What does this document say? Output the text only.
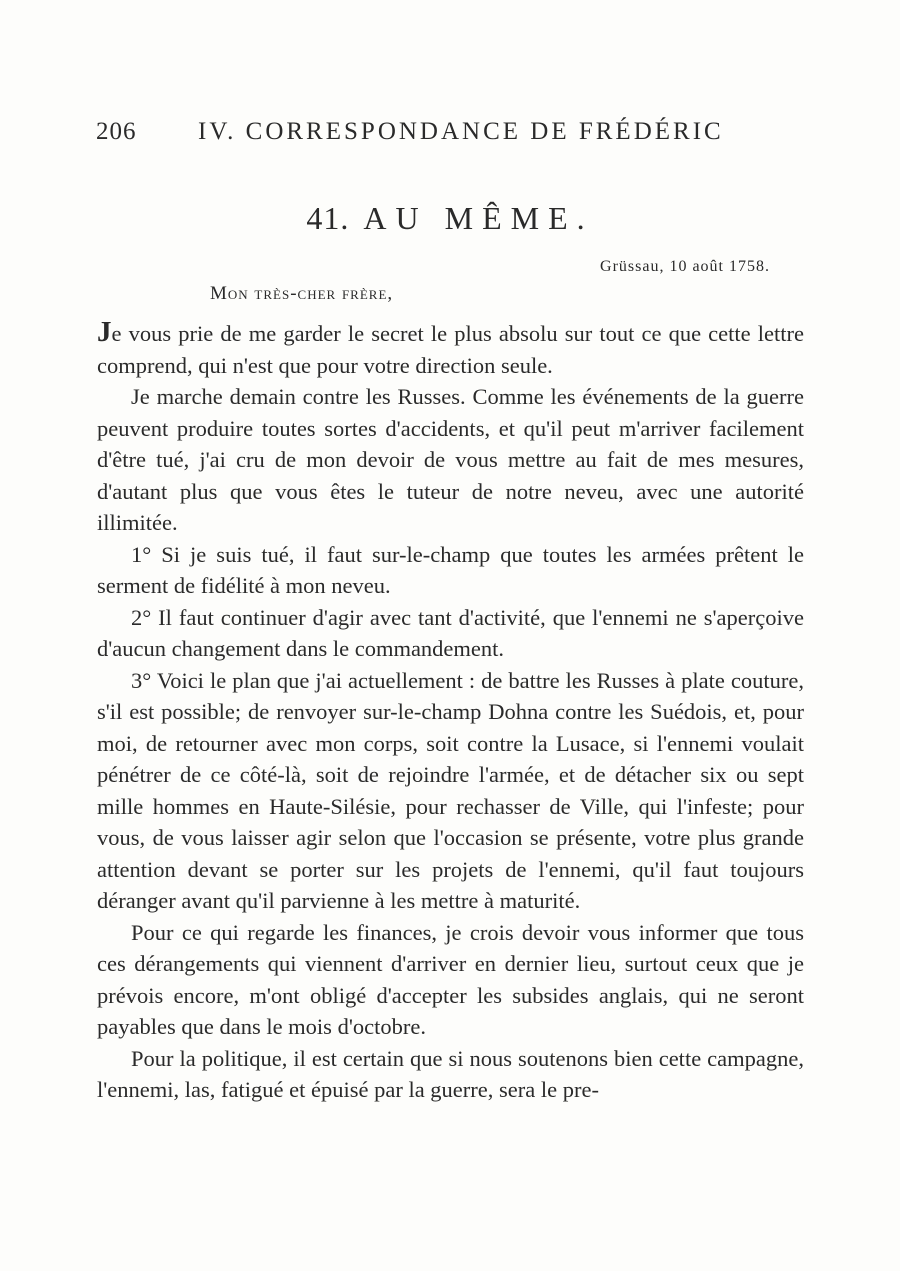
206 IV. CORRESPONDANCE DE FRÉDÉRIC
41. AU MÊME.
Grüssau, 10 août 1758.
Mon très-cher frère,

Je vous prie de me garder le secret le plus absolu sur tout ce que cette lettre comprend, qui n'est que pour votre direction seule.

Je marche demain contre les Russes. Comme les événements de la guerre peuvent produire toutes sortes d'accidents, et qu'il peut m'arriver facilement d'être tué, j'ai cru de mon devoir de vous mettre au fait de mes mesures, d'autant plus que vous êtes le tuteur de notre neveu, avec une autorité illimitée.

1° Si je suis tué, il faut sur-le-champ que toutes les armées prêtent le serment de fidélité à mon neveu.

2° Il faut continuer d'agir avec tant d'activité, que l'ennemi ne s'aperçoive d'aucun changement dans le commandement.

3° Voici le plan que j'ai actuellement : de battre les Russes à plate couture, s'il est possible; de renvoyer sur-le-champ Dohna contre les Suédois, et, pour moi, de retourner avec mon corps, soit contre la Lusace, si l'ennemi voulait pénétrer de ce côté-là, soit de rejoindre l'armée, et de détacher six ou sept mille hommes en Haute-Silésie, pour rechasser de Ville, qui l'infeste; pour vous, de vous laisser agir selon que l'occasion se présente, votre plus grande attention devant se porter sur les projets de l'ennemi, qu'il faut toujours déranger avant qu'il parvienne à les mettre à maturité.

Pour ce qui regarde les finances, je crois devoir vous informer que tous ces dérangements qui viennent d'arriver en dernier lieu, surtout ceux que je prévois encore, m'ont obligé d'accepter les subsides anglais, qui ne seront payables que dans le mois d'octobre.

Pour la politique, il est certain que si nous soutenons bien cette campagne, l'ennemi, las, fatigué et épuisé par la guerre, sera le pre-
